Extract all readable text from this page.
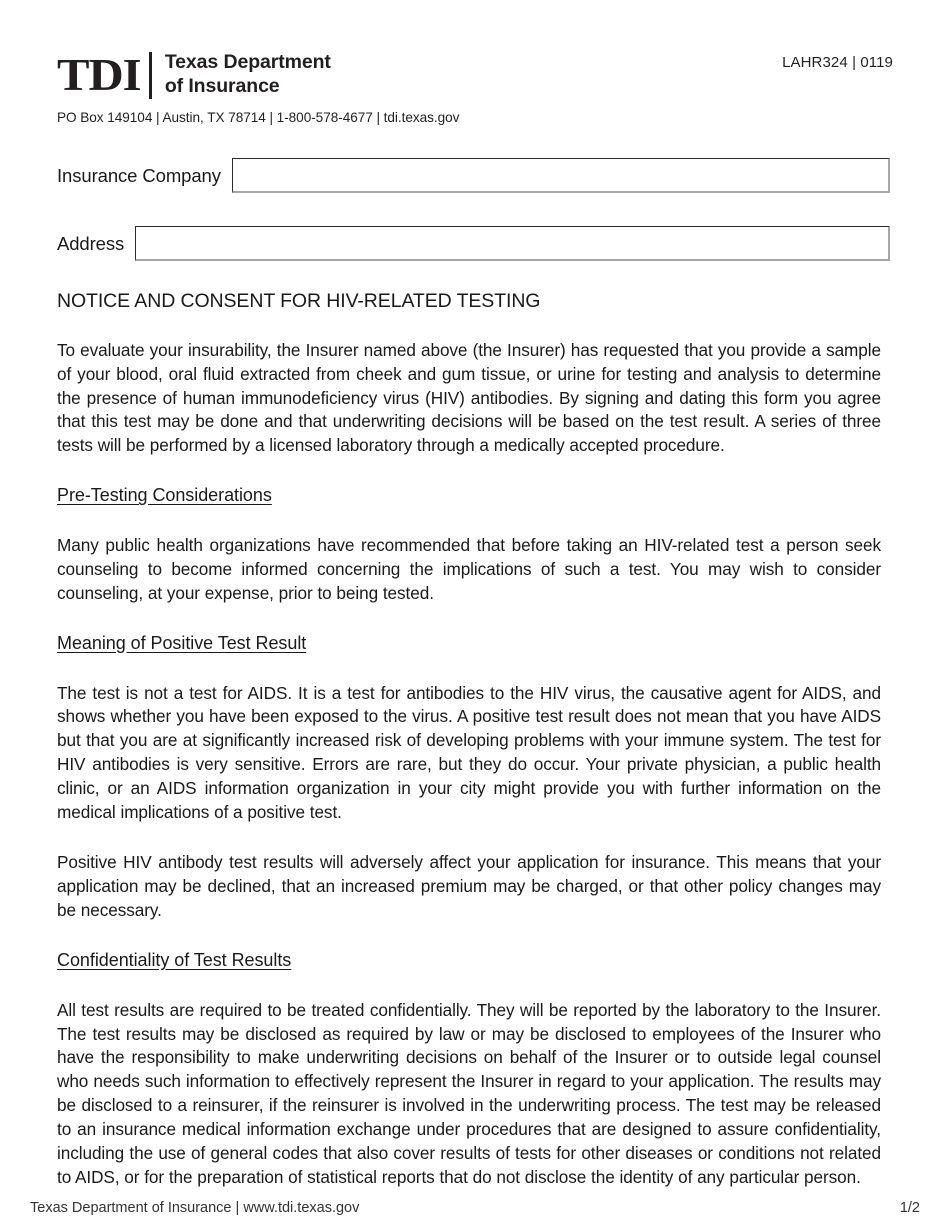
TDI	Texas Department
of Insurance
PO Box 149104 | Austin, TX 78714 | 1-800-578-4677 | tdi.texas.gov
LAHR324 | 0119
Insurance Company
Address
NOTICE AND CONSENT FOR HIV-RELATED TESTING

To evaluate your insurability, the Insurer named above (the Insurer) has requested that you provide a sample of your blood, oral fluid extracted from cheek and gum tissue, or urine for testing and analysis to determine the presence of human immunodeficiency virus (HIV) antibodies. By signing and dating this form you agree that this test may be done and that underwriting decisions will be based on the test result. A series of three tests will be performed by a licensed laboratory through a medically accepted procedure.

Pre-Testing Considerations

Many public health organizations have recommended that before taking an HIV-related test a person seek counseling to become informed concerning the implications of such a test. You may wish to consider counseling, at your expense, prior to being tested.

Meaning of Positive Test Result

The test is not a test for AIDS. It is a test for antibodies to the HIV virus, the causative agent for AIDS, and shows whether you have been exposed to the virus. A positive test result does not mean that you have AIDS but that you are at significantly increased risk of developing problems with your immune system. The test for HIV antibodies is very sensitive. Errors are rare, but they do occur. Your private physician, a public health clinic, or an AIDS information organization in your city might provide you with further information on the medical implications of a positive test.

Positive HIV antibody test results will adversely affect your application for insurance. This means that your application may be declined, that an increased premium may be charged, or that other policy changes may be necessary.

Confidentiality of Test Results

All test results are required to be treated confidentially. They will be reported by the laboratory to the Insurer. The test results may be disclosed as required by law or may be disclosed to employees of the Insurer who have the responsibility to make underwriting decisions on behalf of the Insurer or to outside legal counsel who needs such information to effectively represent the Insurer in regard to your application. The results may be disclosed to a reinsurer, if the reinsurer is involved in the underwriting process. The test may be released to an insurance medical information exchange under procedures that are designed to assure confidentiality, including the use of general codes that also cover results of tests for other diseases or conditions not related to AIDS, or for the preparation of statistical reports that do not disclose the identity of any particular person.

Texas Department of Insurance | www.tdi.texas.gov	1/2
